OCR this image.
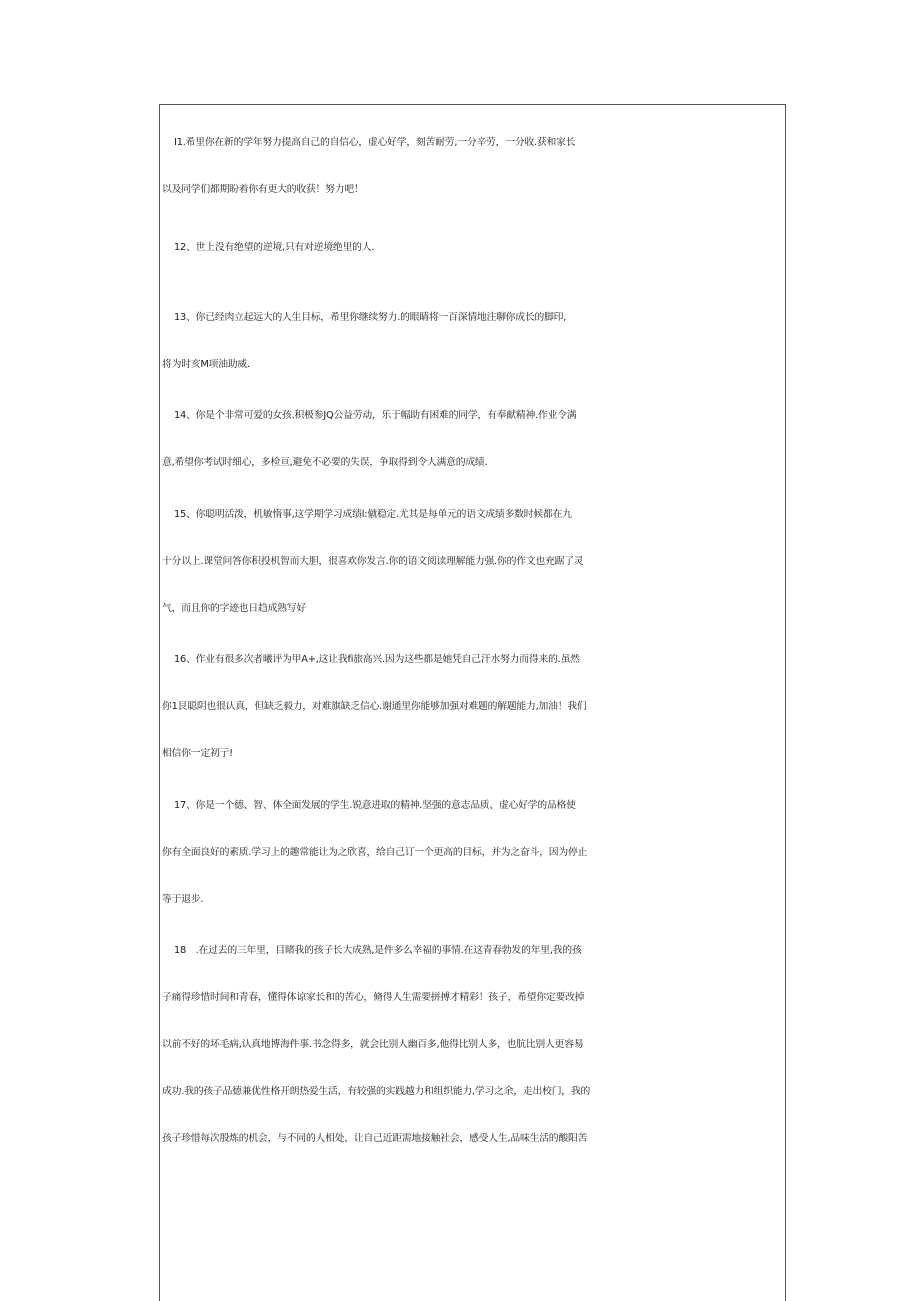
I1.希里你在新的学年努力提高自己的自信心，虚心好学，刻苦耐劳,一分辛劳，一分收.获和家长
以及同学们都期盼着你有更大的收获！努力吧！
12、世上没有绝望的逆境,只有对逆境绝里的人.
13、你已经肉立起远大的人生目标，希里你继续努力.的眼睛将一百深情地注聊你成长的脚印,
将为时亥M项油助威.
14、你是个非常可爱的女孩.积极参JQ公益劳动，乐于幅助有困难的同学，有奉献精神.作业令满
意,希望你考试时细心，多检亘,避免不必要的失误，争取得到令人满意的成绩.
15、你聪明活泼，机敏惰事,这学期学习成绩l:僦稳定.尤其是每单元的语文成绩多数时候都在九
十分以上.课堂问答你积投机智而大胆，很喜欢你发言.你的语文阅读理解能力强.你的作文也充踞了灵
气，而且你的字迹也日趋成熟写好
16、作业有很多次者曦评为甲A+,这让我fi旅高兴.因为这些都是她凭自己汗水努力而得来的.虽然
你1艮聪阴也很认真，但缺乏毅力，对难旗缺乏信心.谢通里你能够加强对难题的解题能力,加油！我们
相信你一定初亍!
17、你是一个德、智、体全面发展的学生.锐意进取的精神.坚强的意志品质、虚心好学的品格使
你有全面良好的素质.学习上的趣常能让为之欣喜，给自己订一个更高的目标，并为之奋斗，因为停止
等于退步.
18　.在过去的三年里，目睹我的孩子长大成熟,是件多么幸福的事情.在这青春勃发的年里,我的孩
子痛得珍惜时间和青春，懂得体谅家长和的苦心，脩得人生需要拼搏才精彩！孩子，希望你定要改掉
以前不好的坏毛病,认真地博海件事.书念得多，就会比别人幽百多,他得比别人多，也肮比别人更容易
成功.我的孩子品德兼优性格开朗热爱生活，有较强的实践越力和组织能力,学习之余，走出校门，我的
孩子珍惜每次殷炼的机会，与不同的人相处，让自己近距需地接触社会，感受人生,品味生活的酸阳苦
